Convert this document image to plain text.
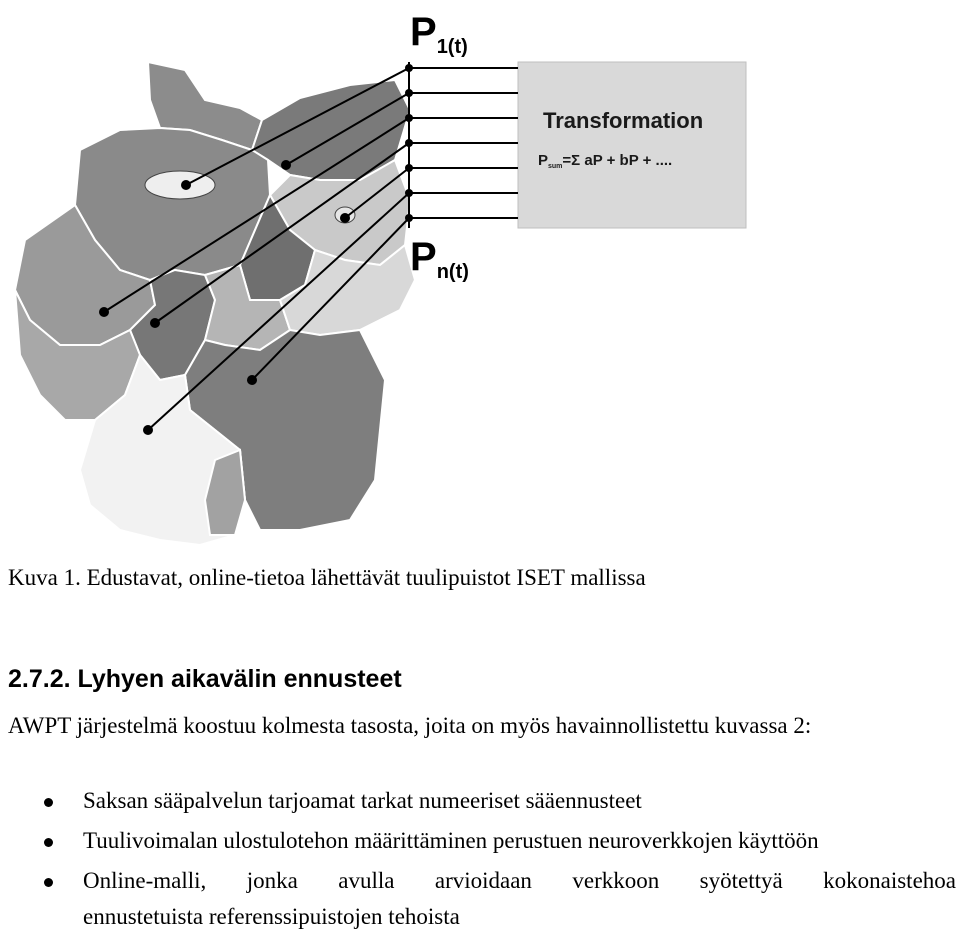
$P_{1(t)}$
$P_{n(t)}$
Transformation
$P_{sum}=\Sigma$ aP + bP + ....
Kuva 1. Edustavat, online-tietoa lähettävät tuulipuistot ISET mallissa
2.7.2. Lyhyen aikavälin ennusteet
AWPT järjestelmä koostuu kolmesta tasosta, joita on myös havainnollistettu kuvassa 2:
Saksan sääpalvelun tarjoamat tarkat numeeriset sääennusteet
Tuulivoimalan ulostulotehon määrittäminen perustuen neuroverkkojen käyttöön
Online-malli, jonka avulla arvioidaan verkkoon syötettyä kokonaistehoa
ennustetuista referenssipuistojen tehoista
